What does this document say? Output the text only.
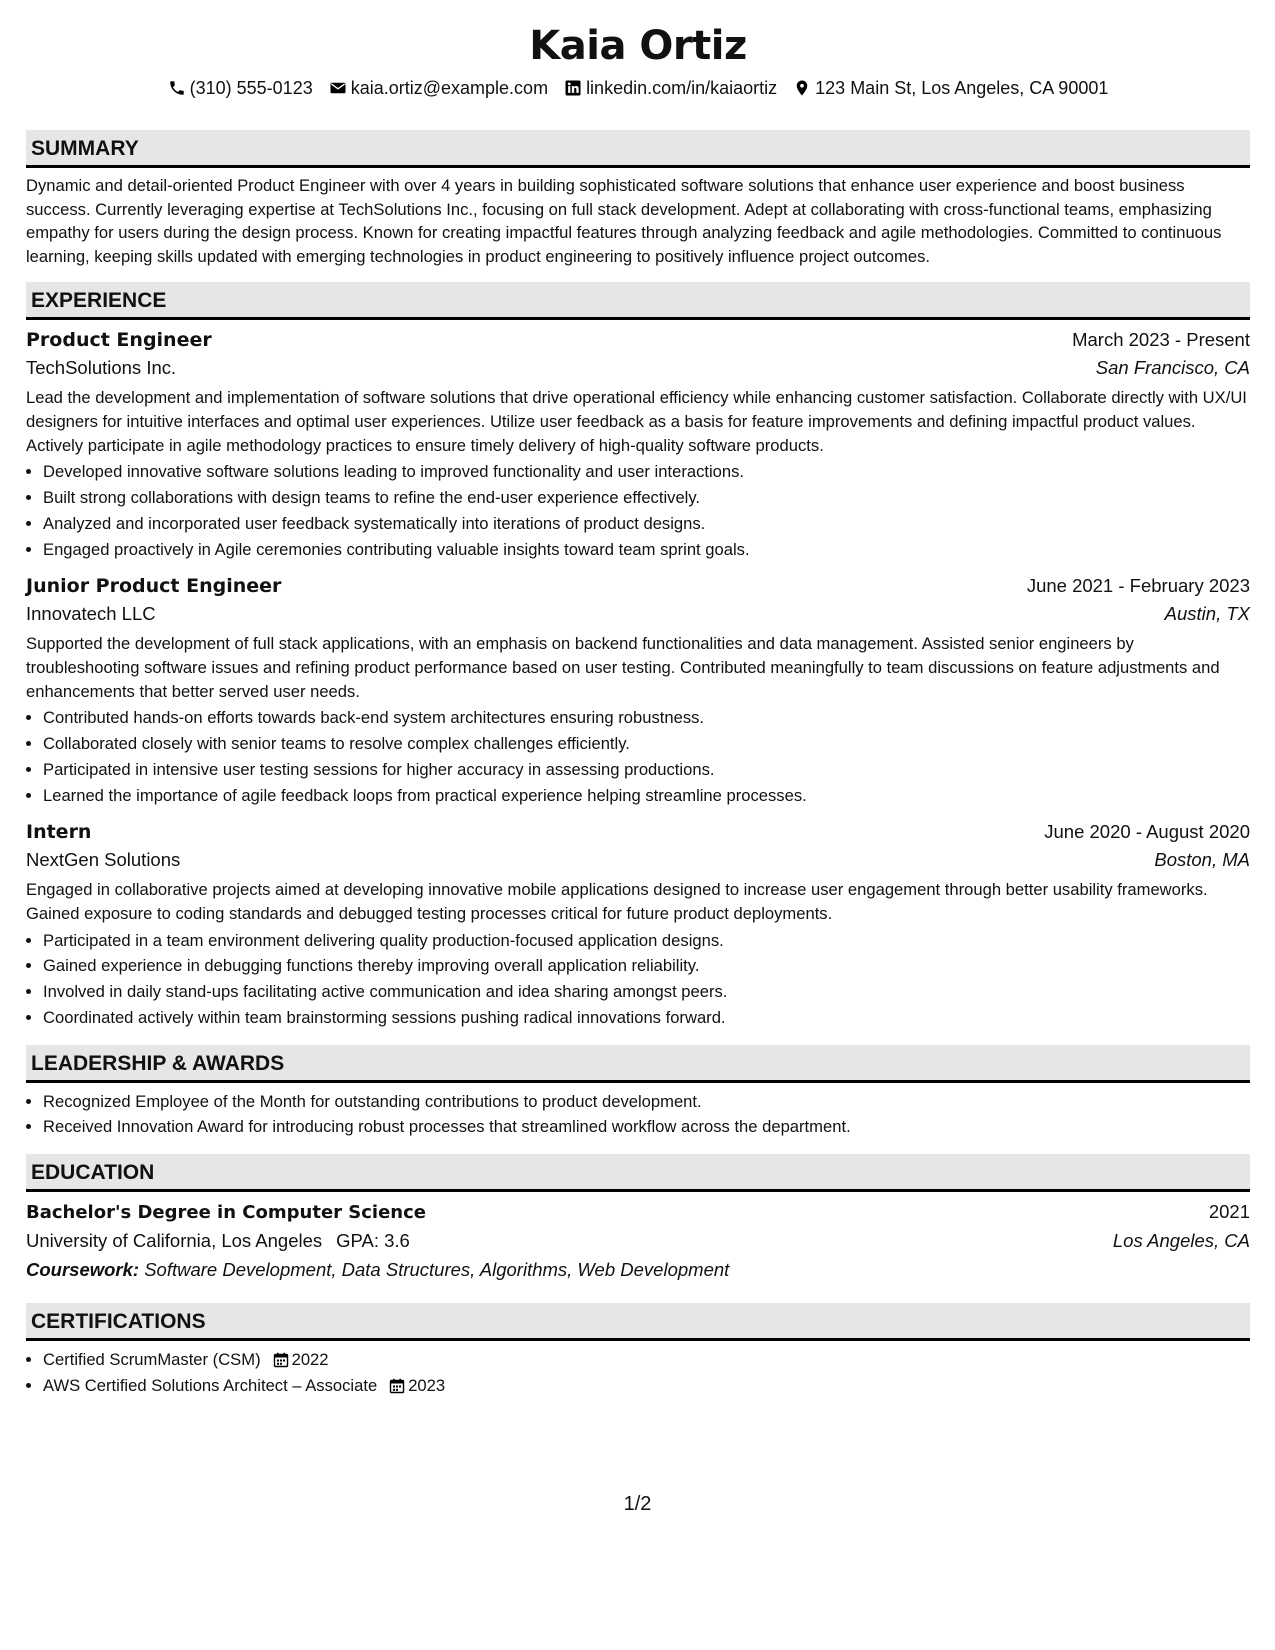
Kaia Ortiz
(310) 555-0123 kaia.ortiz@example.com linkedin.com/in/kaiaortiz 123 Main St, Los Angeles, CA 90001
SUMMARY

Dynamic and detail-oriented Product Engineer with over 4 years in building sophisticated software solutions that enhance user experience and boost business success. Currently leveraging expertise at TechSolutions Inc., focusing on full stack development. Adept at collaborating with cross-functional teams, emphasizing empathy for users during the design process. Known for creating impactful features through analyzing feedback and agile methodologies. Committed to continuous learning, keeping skills updated with emerging technologies in product engineering to positively influence project outcomes.

EXPERIENCE
Product Engineer	March 2023 - Present
TechSolutions Inc.	San Francisco, CA

Lead the development and implementation of software solutions that drive operational efficiency while enhancing customer satisfaction. Collaborate directly with UX/UI designers for intuitive interfaces and optimal user experiences. Utilize user feedback as a basis for feature improvements and defining impactful product values. Actively participate in agile methodology practices to ensure timely delivery of high-quality software products.

• Developed innovative software solutions leading to improved functionality and user interactions.
• Built strong collaborations with design teams to refine the end-user experience effectively.
• Analyzed and incorporated user feedback systematically into iterations of product designs.
• Engaged proactively in Agile ceremonies contributing valuable insights toward team sprint goals.
Junior Product Engineer	June 2021 - February 2023
Innovatech LLC	Austin, TX

Supported the development of full stack applications, with an emphasis on backend functionalities and data management. Assisted senior engineers by troubleshooting software issues and refining product performance based on user testing. Contributed meaningfully to team discussions on feature adjustments and enhancements that better served user needs.

• Contributed hands-on efforts towards back-end system architectures ensuring robustness.
• Collaborated closely with senior teams to resolve complex challenges efficiently.
• Participated in intensive user testing sessions for higher accuracy in assessing productions.
• Learned the importance of agile feedback loops from practical experience helping streamline processes.
Intern	June 2020 - August 2020
NextGen Solutions	Boston, MA

Engaged in collaborative projects aimed at developing innovative mobile applications designed to increase user engagement through better usability frameworks. Gained exposure to coding standards and debugged testing processes critical for future product deployments.

• Participated in a team environment delivering quality production-focused application designs.
• Gained experience in debugging functions thereby improving overall application reliability.
• Involved in daily stand-ups facilitating active communication and idea sharing amongst peers.
• Coordinated actively within team brainstorming sessions pushing radical innovations forward.
LEADERSHIP & AWARDS
• Recognized Employee of the Month for outstanding contributions to product development.
• Received Innovation Award for introducing robust processes that streamlined workflow across the department.
EDUCATION
Bachelor's Degree in Computer Science	2021
University of California, Los Angeles GPA: 3.6	Los Angeles, CA
Coursework: Software Development, Data Structures, Algorithms, Web Development
CERTIFICATIONS
• Certified ScrumMaster (CSM) 2022
• AWS Certified Solutions Architect – Associate 2023
1/2
